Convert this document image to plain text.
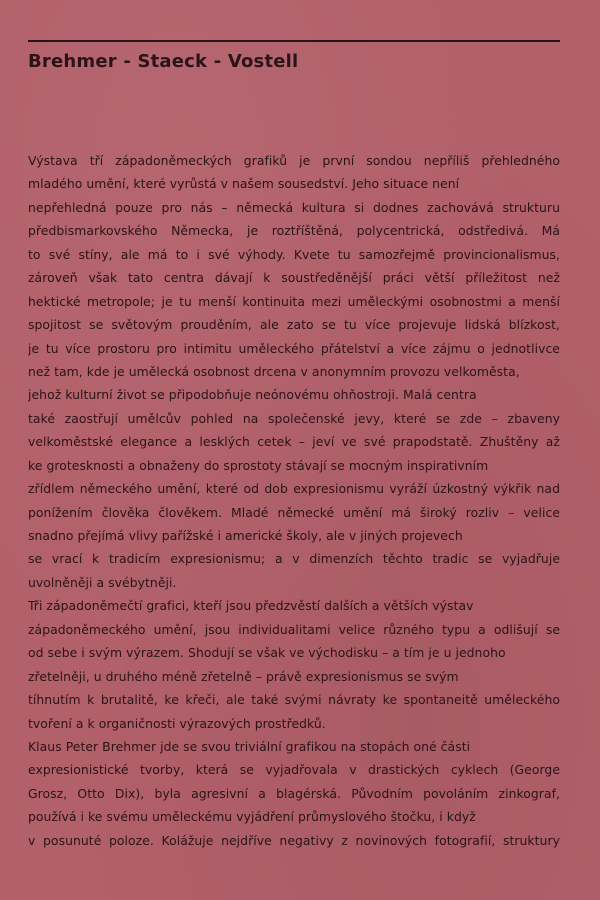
Brehmer - Staeck - Vostell
Výstava tří západoněmeckých grafiků je první sondou nepříliš přehledného
mladého umění, které vyrůstá v našem sousedství. Jeho situace není
nepřehledná pouze pro nás – německá kultura si dodnes zachovává strukturu
předbismarkovského Německa, je roztříštěná, polycentrická, odstředivá. Má
to své stíny, ale má to i své výhody. Kvete tu samozřejmě provincionalismus,
zároveň však tato centra dávají k soustředěnější práci větší příležitost než
hektické metropole; je tu menší kontinuita mezi uměleckými osobnostmi a menší
spojitost se světovým prouděním, ale zato se tu více projevuje lidská blízkost,
je tu více prostoru pro intimitu uměleckého přátelství a více zájmu o jednotlivce
než tam, kde je umělecká osobnost drcena v anonymním provozu velkoměsta,
jehož kulturní život se připodobňuje neónovému ohňostroji. Malá centra
také zaostřují umělcův pohled na společenské jevy, které se zde – zbaveny
velkoměstské elegance a lesklých cetek – jeví ve své prapodstatě. Zhuštěny až
ke grotesknosti a obnaženy do sprostoty stávají se mocným inspirativním
zřídlem německého umění, které od dob expresionismu vyráží úzkostný výkřik nad
ponížením člověka člověkem. Mladé německé umění má široký rozliv – velice
snadno přejímá vlivy pařížské i americké školy, ale v jiných projevech
se vrací k tradicím expresionismu; a v dimenzích těchto tradic se vyjadřuje
uvolněněji a svébytněji.
Tři západoněmečtí grafici, kteří jsou předzvěstí dalších a větších výstav
západoněmeckého umění, jsou individualitami velice různého typu a odlišují se
od sebe i svým výrazem. Shodují se však ve východisku – a tím je u jednoho
zřetelněji, u druhého méně zřetelně – právě expresionismus se svým
tíhnutím k brutalitě, ke křeči, ale také svými návraty ke spontaneitě uměleckého
tvoření a k organičnosti výrazových prostředků.
Klaus Peter Brehmer jde se svou triviální grafikou na stopách oné části
expresionistické tvorby, která se vyjadřovala v drastických cyklech (George
Grosz, Otto Dix), byla agresivní a blagérská. Původním povoláním zinkograf,
používá i ke svému uměleckému vyjádření průmyslového štočku, i když
v posunuté poloze. Kolážuje nejdříve negativy z novinových fotografií, struktury
